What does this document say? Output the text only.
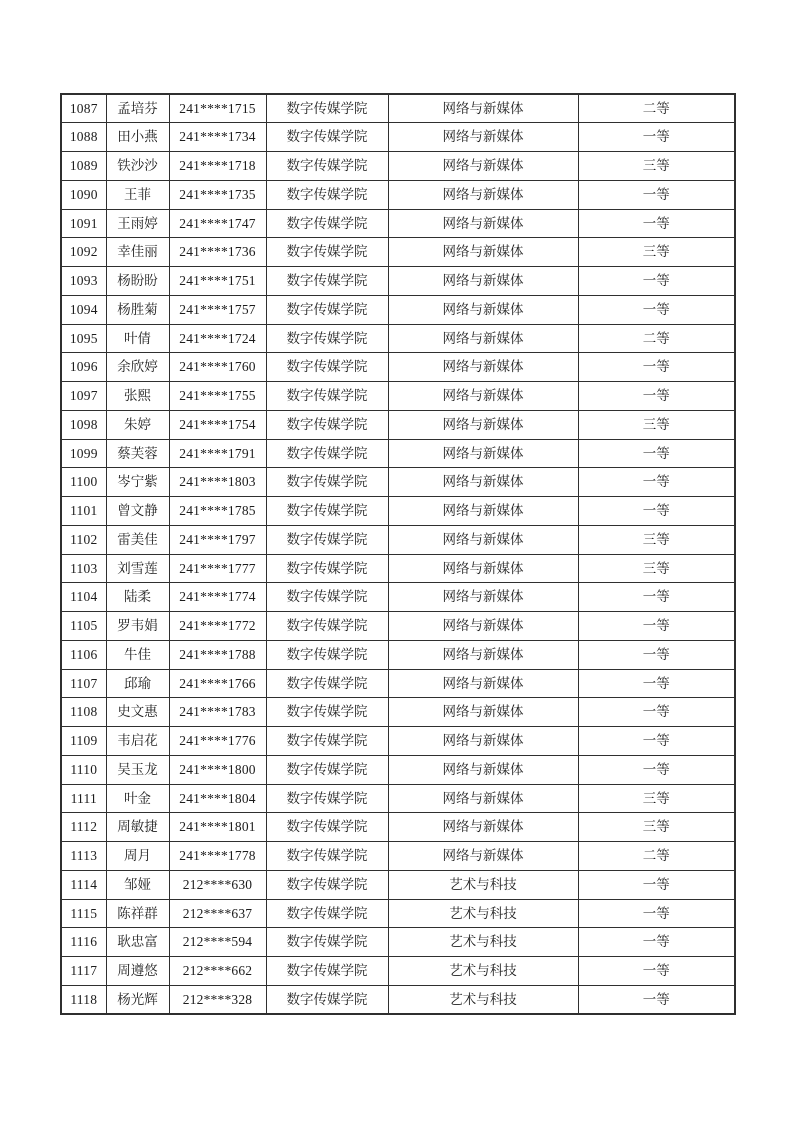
1087	孟培芬	241****1715	数字传媒学院	网络与新媒体	二等
1088	田小燕	241****1734	数字传媒学院	网络与新媒体	一等
1089	铁沙沙	241****1718	数字传媒学院	网络与新媒体	三等
1090	王菲	241****1735	数字传媒学院	网络与新媒体	一等
1091	王雨婷	241****1747	数字传媒学院	网络与新媒体	一等
1092	幸佳丽	241****1736	数字传媒学院	网络与新媒体	三等
1093	杨盼盼	241****1751	数字传媒学院	网络与新媒体	一等
1094	杨胜菊	241****1757	数字传媒学院	网络与新媒体	一等
1095	叶倩	241****1724	数字传媒学院	网络与新媒体	二等
1096	余欣婷	241****1760	数字传媒学院	网络与新媒体	一等
1097	张熙	241****1755	数字传媒学院	网络与新媒体	一等
1098	朱婷	241****1754	数字传媒学院	网络与新媒体	三等
1099	蔡芙蓉	241****1791	数字传媒学院	网络与新媒体	一等
1100	岑宁紫	241****1803	数字传媒学院	网络与新媒体	一等
1101	曾文静	241****1785	数字传媒学院	网络与新媒体	一等
1102	雷美佳	241****1797	数字传媒学院	网络与新媒体	三等
1103	刘雪莲	241****1777	数字传媒学院	网络与新媒体	三等
1104	陆柔	241****1774	数字传媒学院	网络与新媒体	一等
1105	罗韦娟	241****1772	数字传媒学院	网络与新媒体	一等
1106	牛佳	241****1788	数字传媒学院	网络与新媒体	一等
1107	邱瑜	241****1766	数字传媒学院	网络与新媒体	一等
1108	史文惠	241****1783	数字传媒学院	网络与新媒体	一等
1109	韦启花	241****1776	数字传媒学院	网络与新媒体	一等
1110	吴玉龙	241****1800	数字传媒学院	网络与新媒体	一等
1111	叶金	241****1804	数字传媒学院	网络与新媒体	三等
1112	周敏捷	241****1801	数字传媒学院	网络与新媒体	三等
1113	周月	241****1778	数字传媒学院	网络与新媒体	二等
1114	邹娅	212****630	数字传媒学院	艺术与科技	一等
1115	陈祥群	212****637	数字传媒学院	艺术与科技	一等
1116	耿忠富	212****594	数字传媒学院	艺术与科技	一等
1117	周遵悠	212****662	数字传媒学院	艺术与科技	一等
1118	杨光辉	212****328	数字传媒学院	艺术与科技	一等
